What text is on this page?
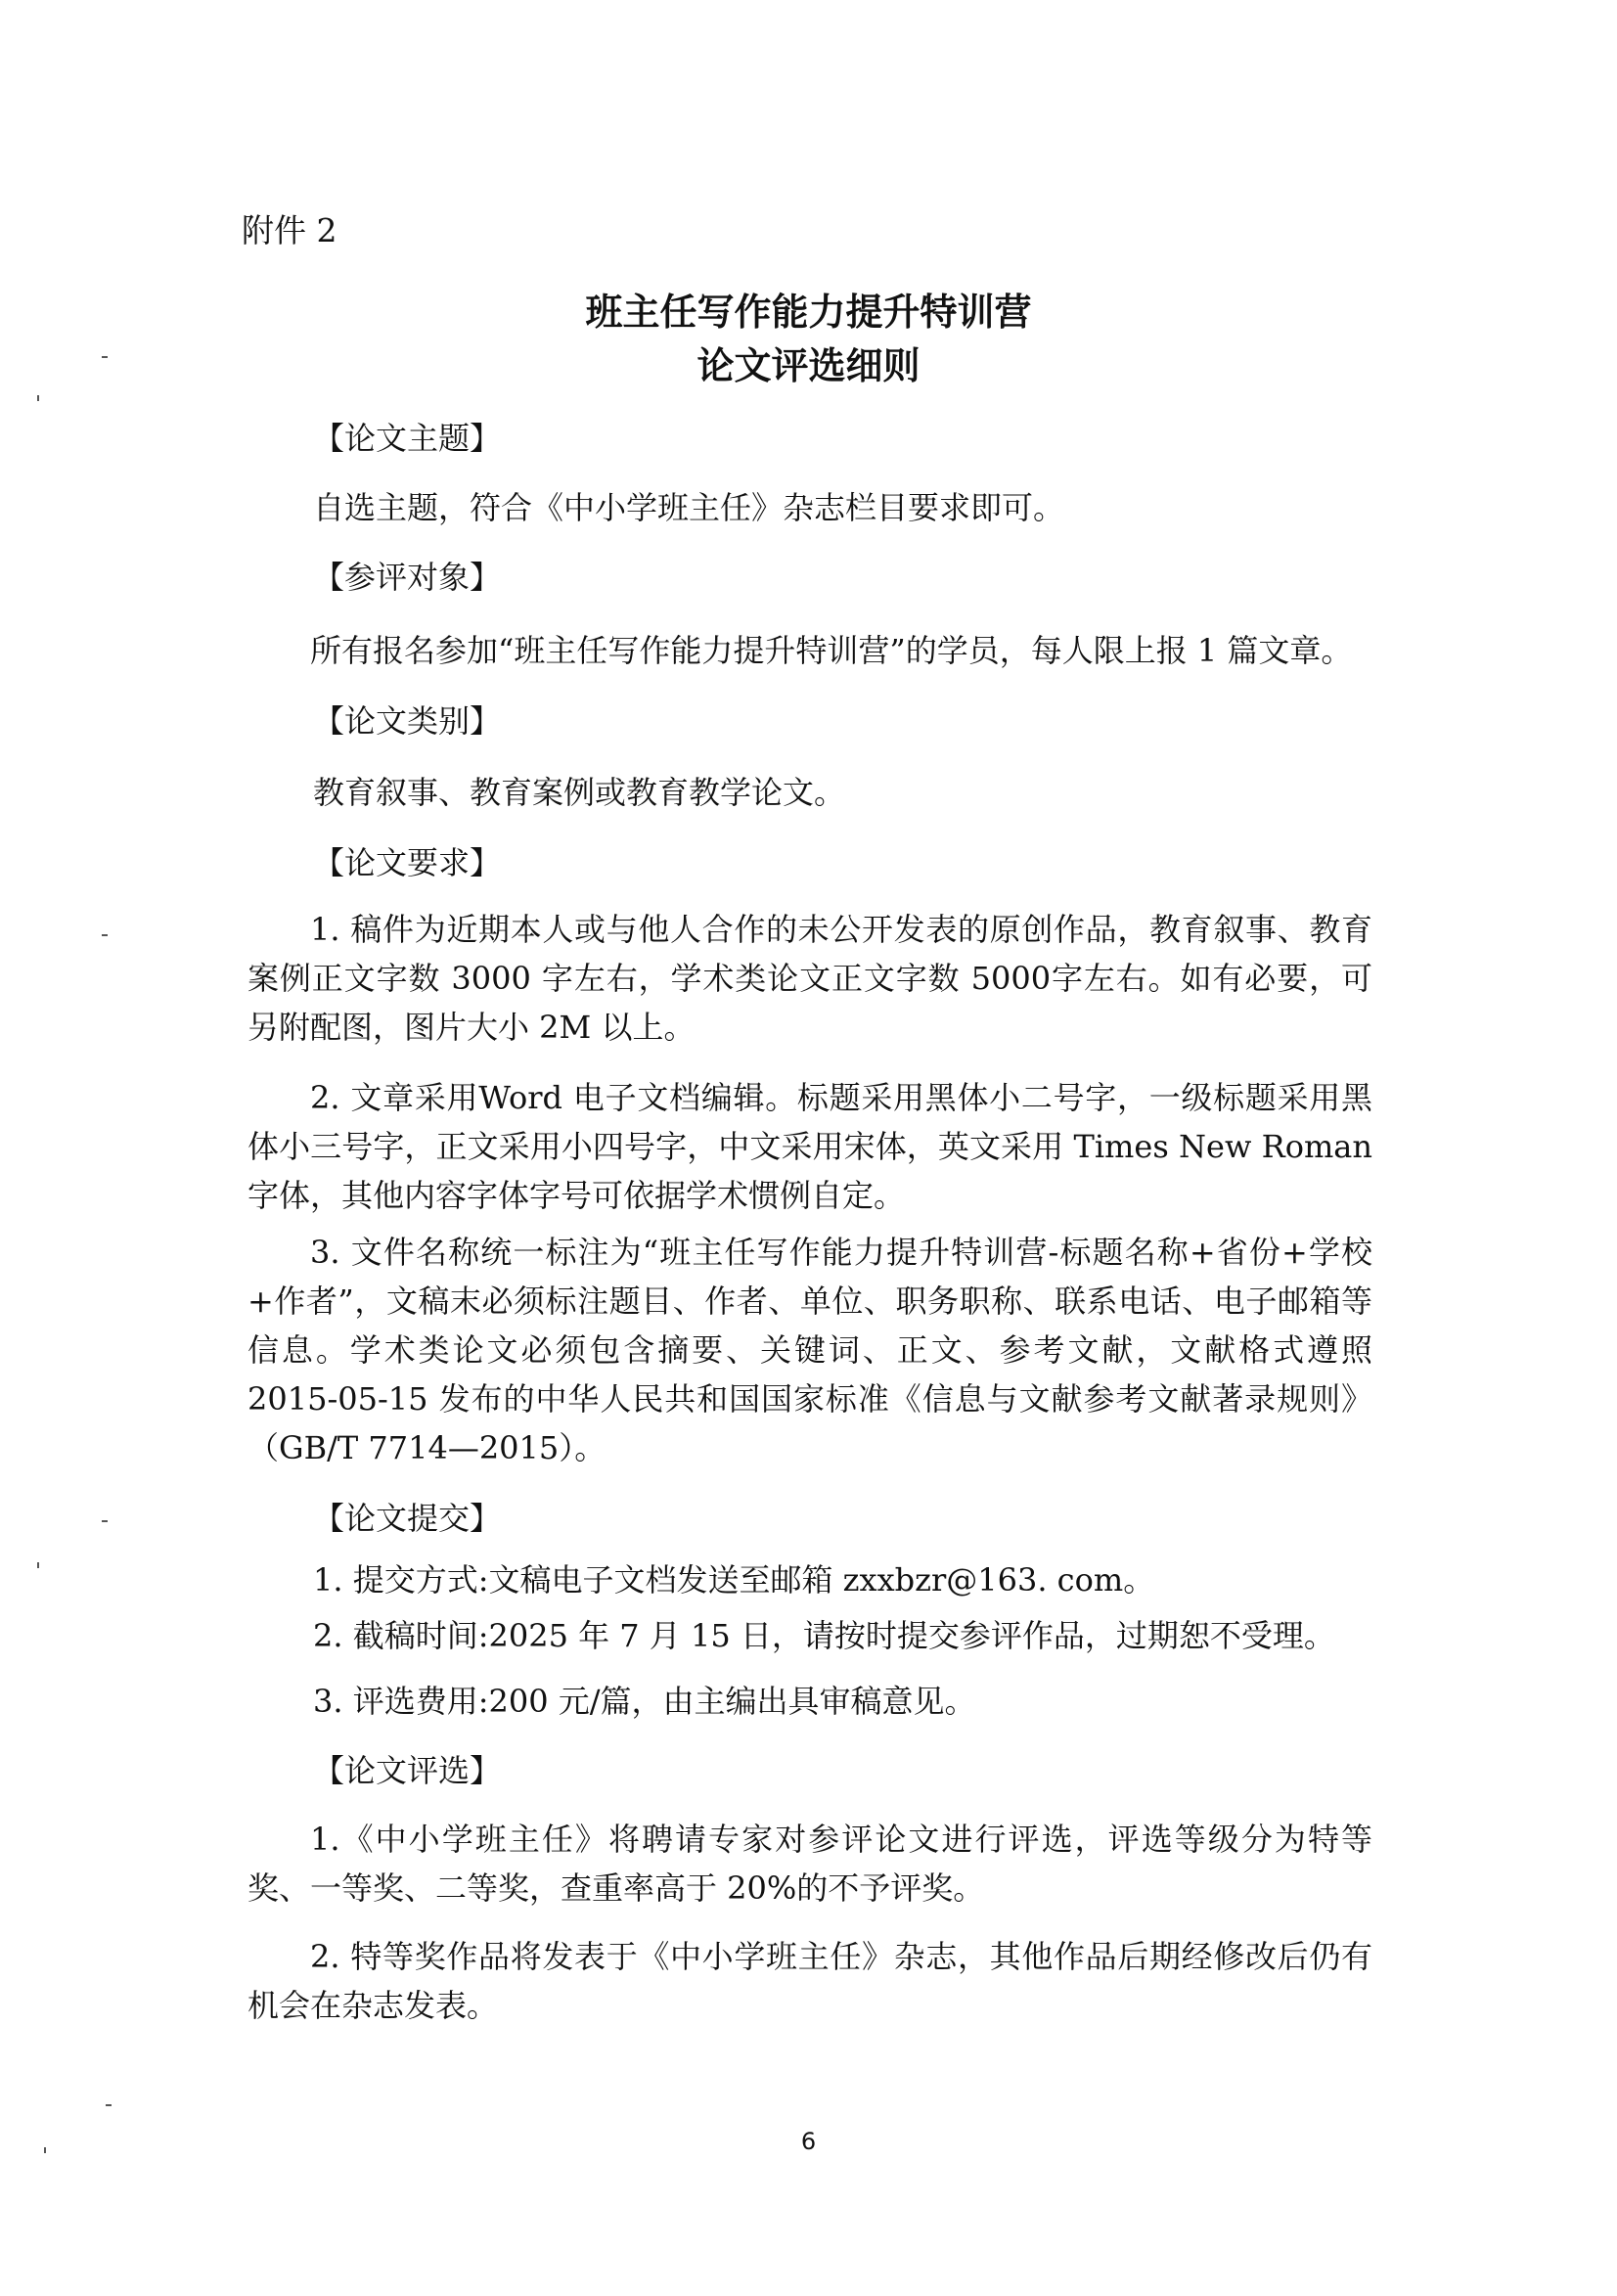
附件 2

班主任写作能力提升特训营

论文评选细则

【论文主题】

自选主题，符合《中小学班主任》杂志栏目要求即可。

【参评对象】

所有报名参加“班主任写作能力提升特训营”的学员，每人限上报 1 篇文章。

【论文类别】

教育叙事、教育案例或教育教学论文。

【论文要求】

1. 稿件为近期本人或与他人合作的未公开发表的原创作品，教育叙事、教育案例正文字数 3000 字左右，学术类论文正文字数 5000字左右。如有必要，可另附配图，图片大小 2M 以上。

2. 文章采用Word 电子文档编辑。标题采用黑体小二号字，一级标题采用黑体小三号字，正文采用小四号字，中文采用宋体，英文采用 Times New Roman 字体，其他内容字体字号可依据学术惯例自定。

3. 文件名称统一标注为“班主任写作能力提升特训营-标题名称+省份+学校+作者”，文稿末必须标注题目、作者、单位、职务职称、联系电话、电子邮箱等信息。学术类论文必须包含摘要、关键词、正文、参考文献，文献格式遵照 2015-05-15 发布的中华人民共和国国家标准《信息与文献参考文献著录规则》（GB/T 7714—2015）。

【论文提交】

1. 提交方式:文稿电子文档发送至邮箱 zxxbzr@163. com。

2. 截稿时间:2025 年 7 月 15 日，请按时提交参评作品，过期恕不受理。

3. 评选费用:200 元/篇，由主编出具审稿意见。

【论文评选】

1.《中小学班主任》将聘请专家对参评论文进行评选，评选等级分为特等奖、一等奖、二等奖，查重率高于 20%的不予评奖。

2. 特等奖作品将发表于《中小学班主任》杂志，其他作品后期经修改后仍有机会在杂志发表。

6
